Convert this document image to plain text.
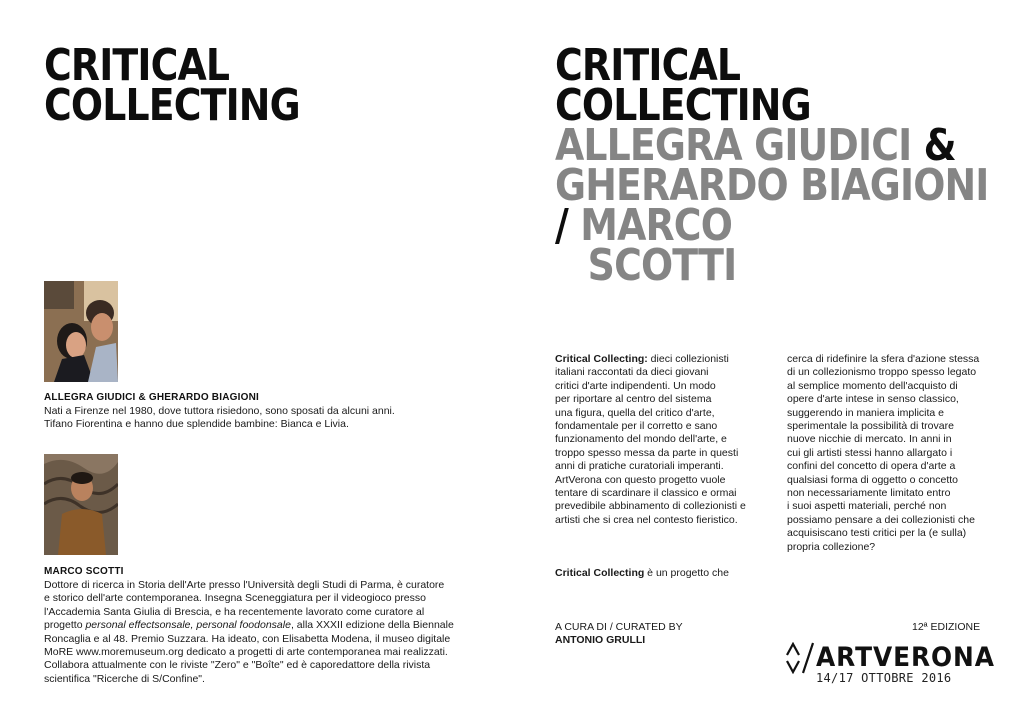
CRITICAL
COLLECTING
ALLEGRA GIUDICI & GHERARDO BIAGIONI

Nati a Firenze nel 1980, dove tuttora risiedono, sono sposati da alcuni anni.

Tifano Fiorentina e hanno due splendide bambine: Bianca e Livia.

MARCO SCOTTI

Dottore di ricerca in Storia dell'Arte presso l'Università degli Studi di Parma, è curatore

e storico dell'arte contemporanea. Insegna Sceneggiatura per il videogioco presso

l'Accademia Santa Giulia di Brescia, e ha recentemente lavorato come curatore al

progetto personal effectsonsale, personal foodonsale, alla XXXII edizione della Biennale

Roncaglia e al 48. Premio Suzzara. Ha ideato, con Elisabetta Modena, il museo digitale

MoRE www.moremuseum.org dedicato a progetti di arte contemporanea mai realizzati.

Collabora attualmente con le riviste "Zero" e "Boîte" ed è caporedattore della rivista

scientifica "Ricerche di S/Confine".

CRITICAL
COLLECTING
ALLEGRA GIUDICI &
GHERARDO BIAGIONI
/ MARCO
SCOTTI

Critical Collecting: dieci collezionisti

italiani raccontati da dieci giovani

critici d'arte indipendenti. Un modo

per riportare al centro del sistema

una figura, quella del critico d'arte,

fondamentale per il corretto e sano

funzionamento del mondo dell'arte, e

troppo spesso messa da parte in questi

anni di pratiche curatoriali imperanti.

ArtVerona con questo progetto vuole

tentare di scardinare il classico e ormai

prevedibile abbinamento di collezionisti e

artisti che si crea nel contesto fieristico.

Critical Collecting è un progetto che

cerca di ridefinire la sfera d'azione stessa

di un collezionismo troppo spesso legato

al semplice momento dell'acquisto di

opere d'arte intese in senso classico,

suggerendo in maniera implicita e

sperimentale la possibilità di trovare

nuove nicchie di mercato. In anni in

cui gli artisti stessi hanno allargato i

confini del concetto di opera d'arte a

qualsiasi forma di oggetto o concetto

non necessariamente limitato entro

i suoi aspetti materiali, perché non

possiamo pensare a dei collezionisti che

acquisiscano testi critici per la (e sulla)

propria collezione?

A CURA DI / CURATED BY
ANTONIO GRULLI
12ª EDIZIONE
ARTVERONA
14/17 OTTOBRE 2016
